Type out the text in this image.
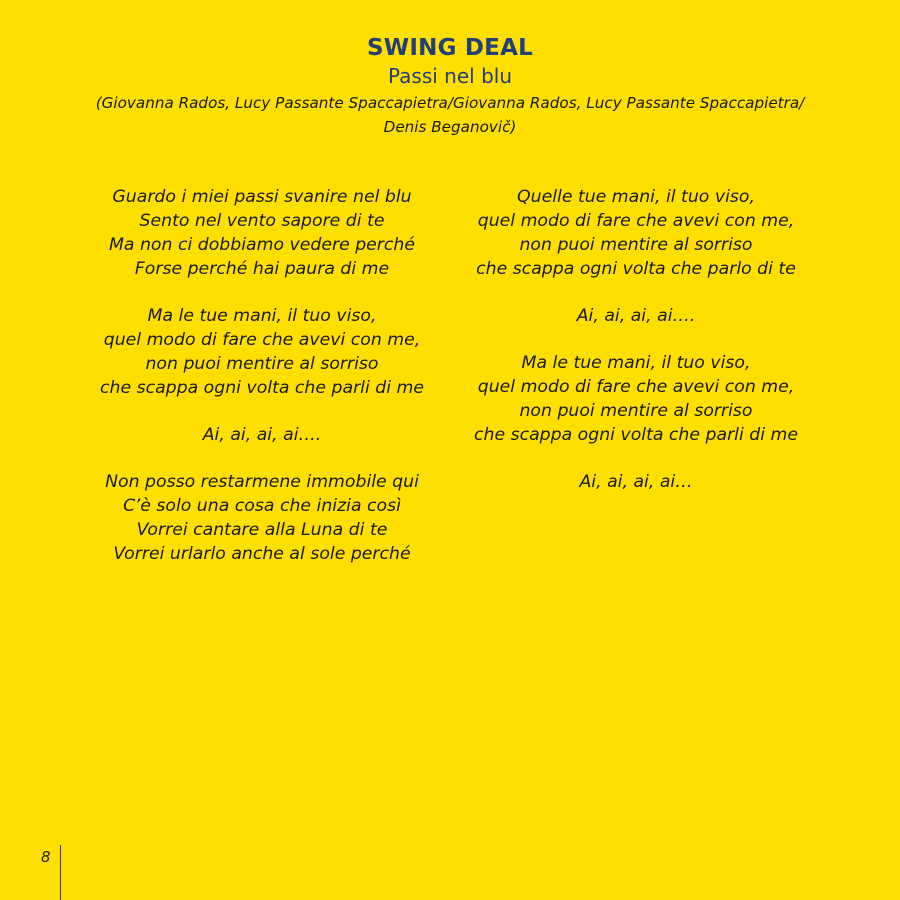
SWING DEAL
Passi nel blu
(Giovanna Rados, Lucy Passante Spaccapietra/Giovanna Rados, Lucy Passante Spaccapietra/
Denis Beganovič)
Guardo i miei passi svanire nel blu
Sento nel vento sapore di te
Ma non ci dobbiamo vedere perché
Forse perché hai paura di me
Ma le tue mani, il tuo viso,
quel modo di fare che avevi con me,
non puoi mentire al sorriso
che scappa ogni volta che parli di me
Ai, ai, ai, ai….
Non posso restarmene immobile qui
C’è solo una cosa che inizia così
Vorrei cantare alla Luna di te
Vorrei urlarlo anche al sole perché
Quelle tue mani, il tuo viso,
quel modo di fare che avevi con me,
non puoi mentire al sorriso
che scappa ogni volta che parlo di te
Ai, ai, ai, ai….
Ma le tue mani, il tuo viso,
quel modo di fare che avevi con me,
non puoi mentire al sorriso
che scappa ogni volta che parli di me
Ai, ai, ai, ai…
8
